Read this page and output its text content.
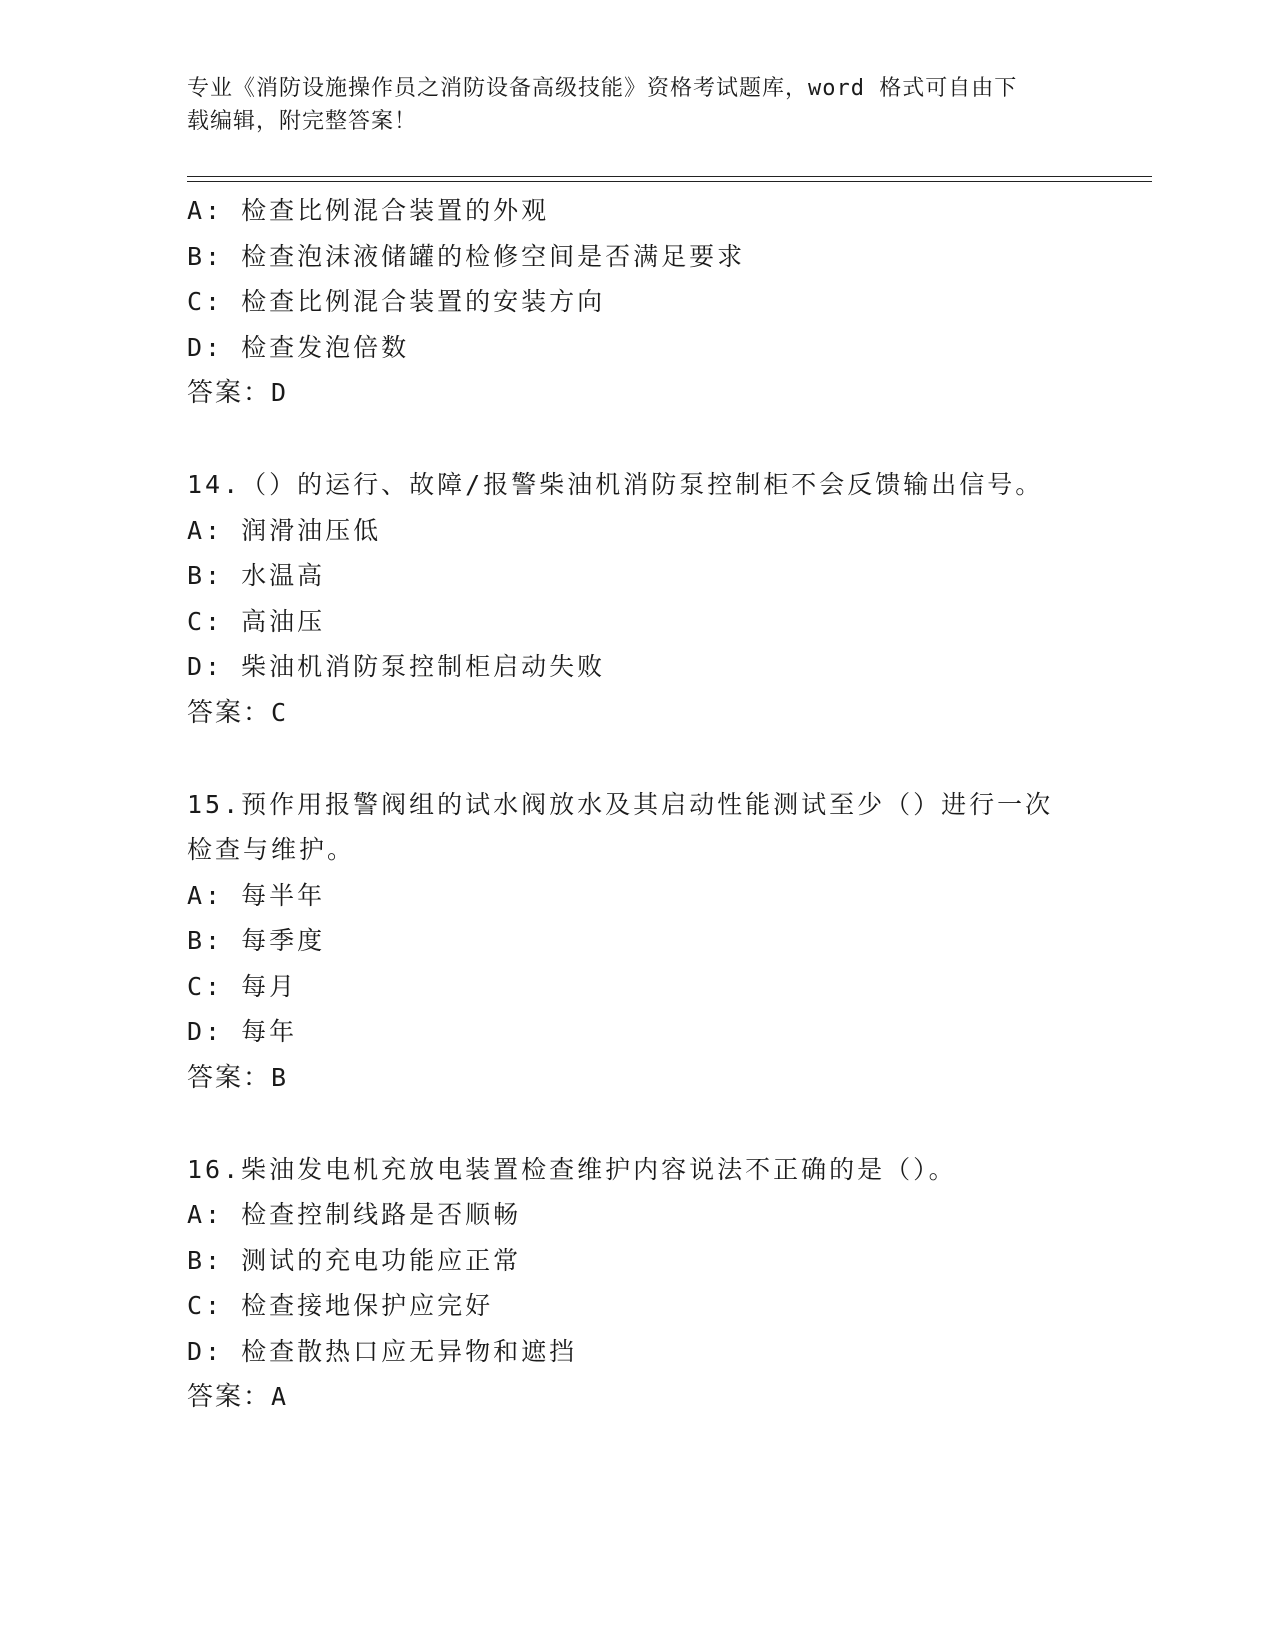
专业《消防设施操作员之消防设备高级技能》资格考试题库，word 格式可自由下
载编辑，附完整答案！
A: 检查比例混合装置的外观
B: 检查泡沫液储罐的检修空间是否满足要求
C: 检查比例混合装置的安装方向
D: 检查发泡倍数
答案：D
14.（）的运行、故障/报警柴油机消防泵控制柜不会反馈输出信号。
A: 润滑油压低
B: 水温高
C: 高油压
D: 柴油机消防泵控制柜启动失败
答案：C
15.预作用报警阀组的试水阀放水及其启动性能测试至少（）进行一次
检查与维护。
A: 每半年
B: 每季度
C: 每月
D: 每年
答案：B
16.柴油发电机充放电装置检查维护内容说法不正确的是（）。
A: 检查控制线路是否顺畅
B: 测试的充电功能应正常
C: 检查接地保护应完好
D: 检查散热口应无异物和遮挡
答案：A
